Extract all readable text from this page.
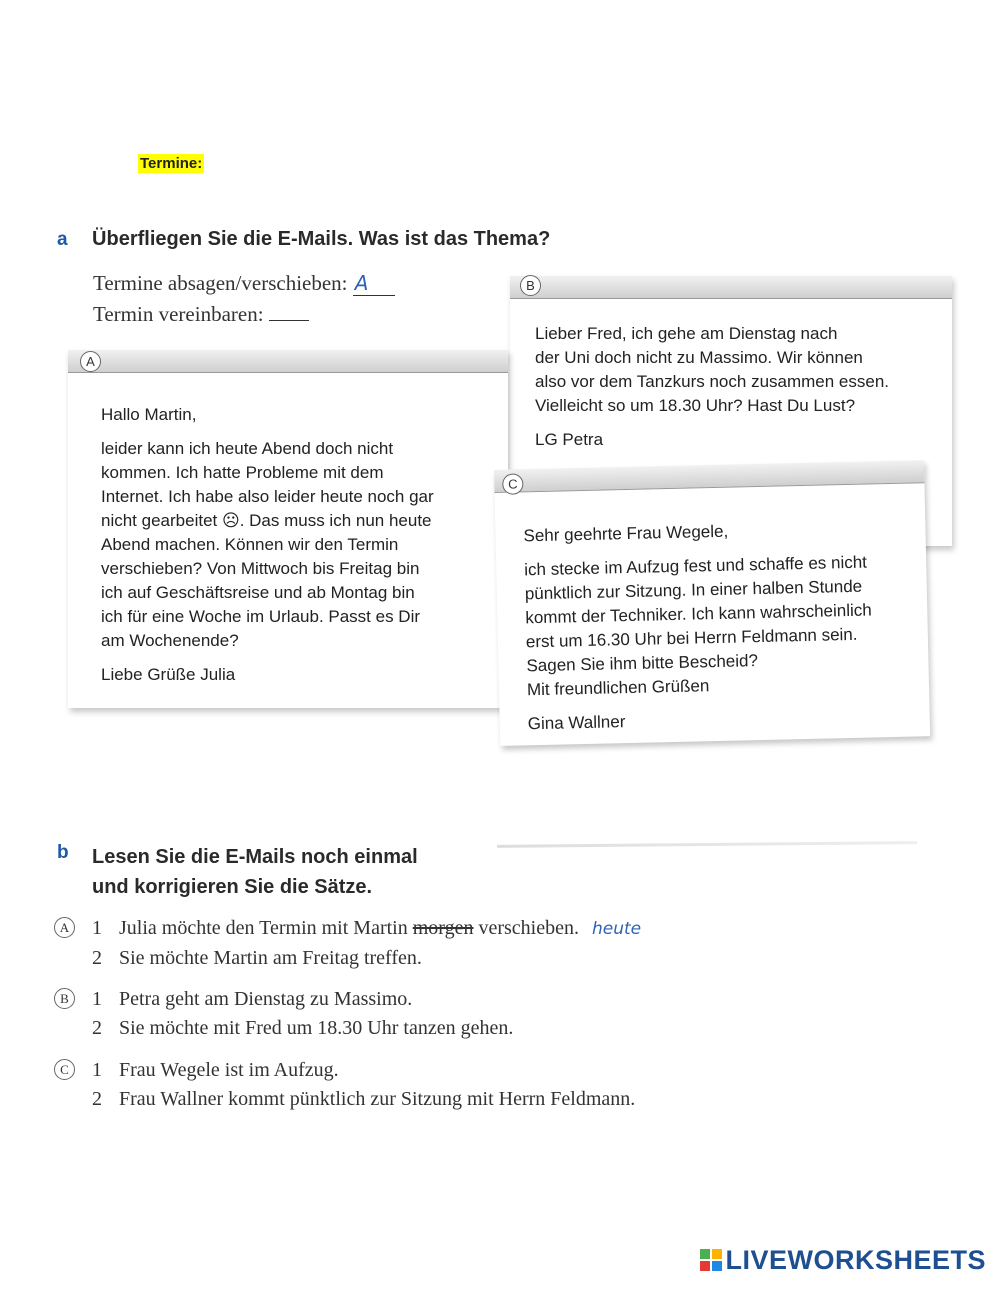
Termine:
a Überfliegen Sie die E-Mails. Was ist das Thema?
Termine absagen/verschieben: A
Termin vereinbaren:
B
Lieber Fred, ich gehe am Dienstag nach
der Uni doch nicht zu Massimo. Wir können
also vor dem Tanzkurs noch zusammen essen.
Vielleicht so um 18.30 Uhr? Hast Du Lust?
LG Petra
A
Hallo Martin,
leider kann ich heute Abend doch nicht
kommen. Ich hatte Probleme mit dem
Internet. Ich habe also leider heute noch gar
nicht gearbeitet ☹. Das muss ich nun heute
Abend machen. Können wir den Termin
verschieben? Von Mittwoch bis Freitag bin
ich auf Geschäftsreise und ab Montag bin
ich für eine Woche im Urlaub. Passt es Dir
am Wochenende?
Liebe Grüße Julia
C
Sehr geehrte Frau Wegele,
ich stecke im Aufzug fest und schaffe es nicht
pünktlich zur Sitzung. In einer halben Stunde
kommt der Techniker. Ich kann wahrscheinlich
erst um 16.30 Uhr bei Herrn Feldmann sein.
Sagen Sie ihm bitte Bescheid?
Mit freundlichen Grüßen
Gina Wallner
b Lesen Sie die E-Mails noch einmal
und korrigieren Sie die Sätze.
A 1 Julia möchte den Termin mit Martin morgen verschieben. heute
2 Sie möchte Martin am Freitag treffen.
B	1 Petra geht am Dienstag zu Massimo.
2 Sie möchte mit Fred um 18.30 Uhr tanzen gehen.
C	1 Frau Wegele ist im Aufzug.
2 Frau Wallner kommt pünktlich zur Sitzung mit Herrn Feldmann.
LIVEWORKSHEETS
